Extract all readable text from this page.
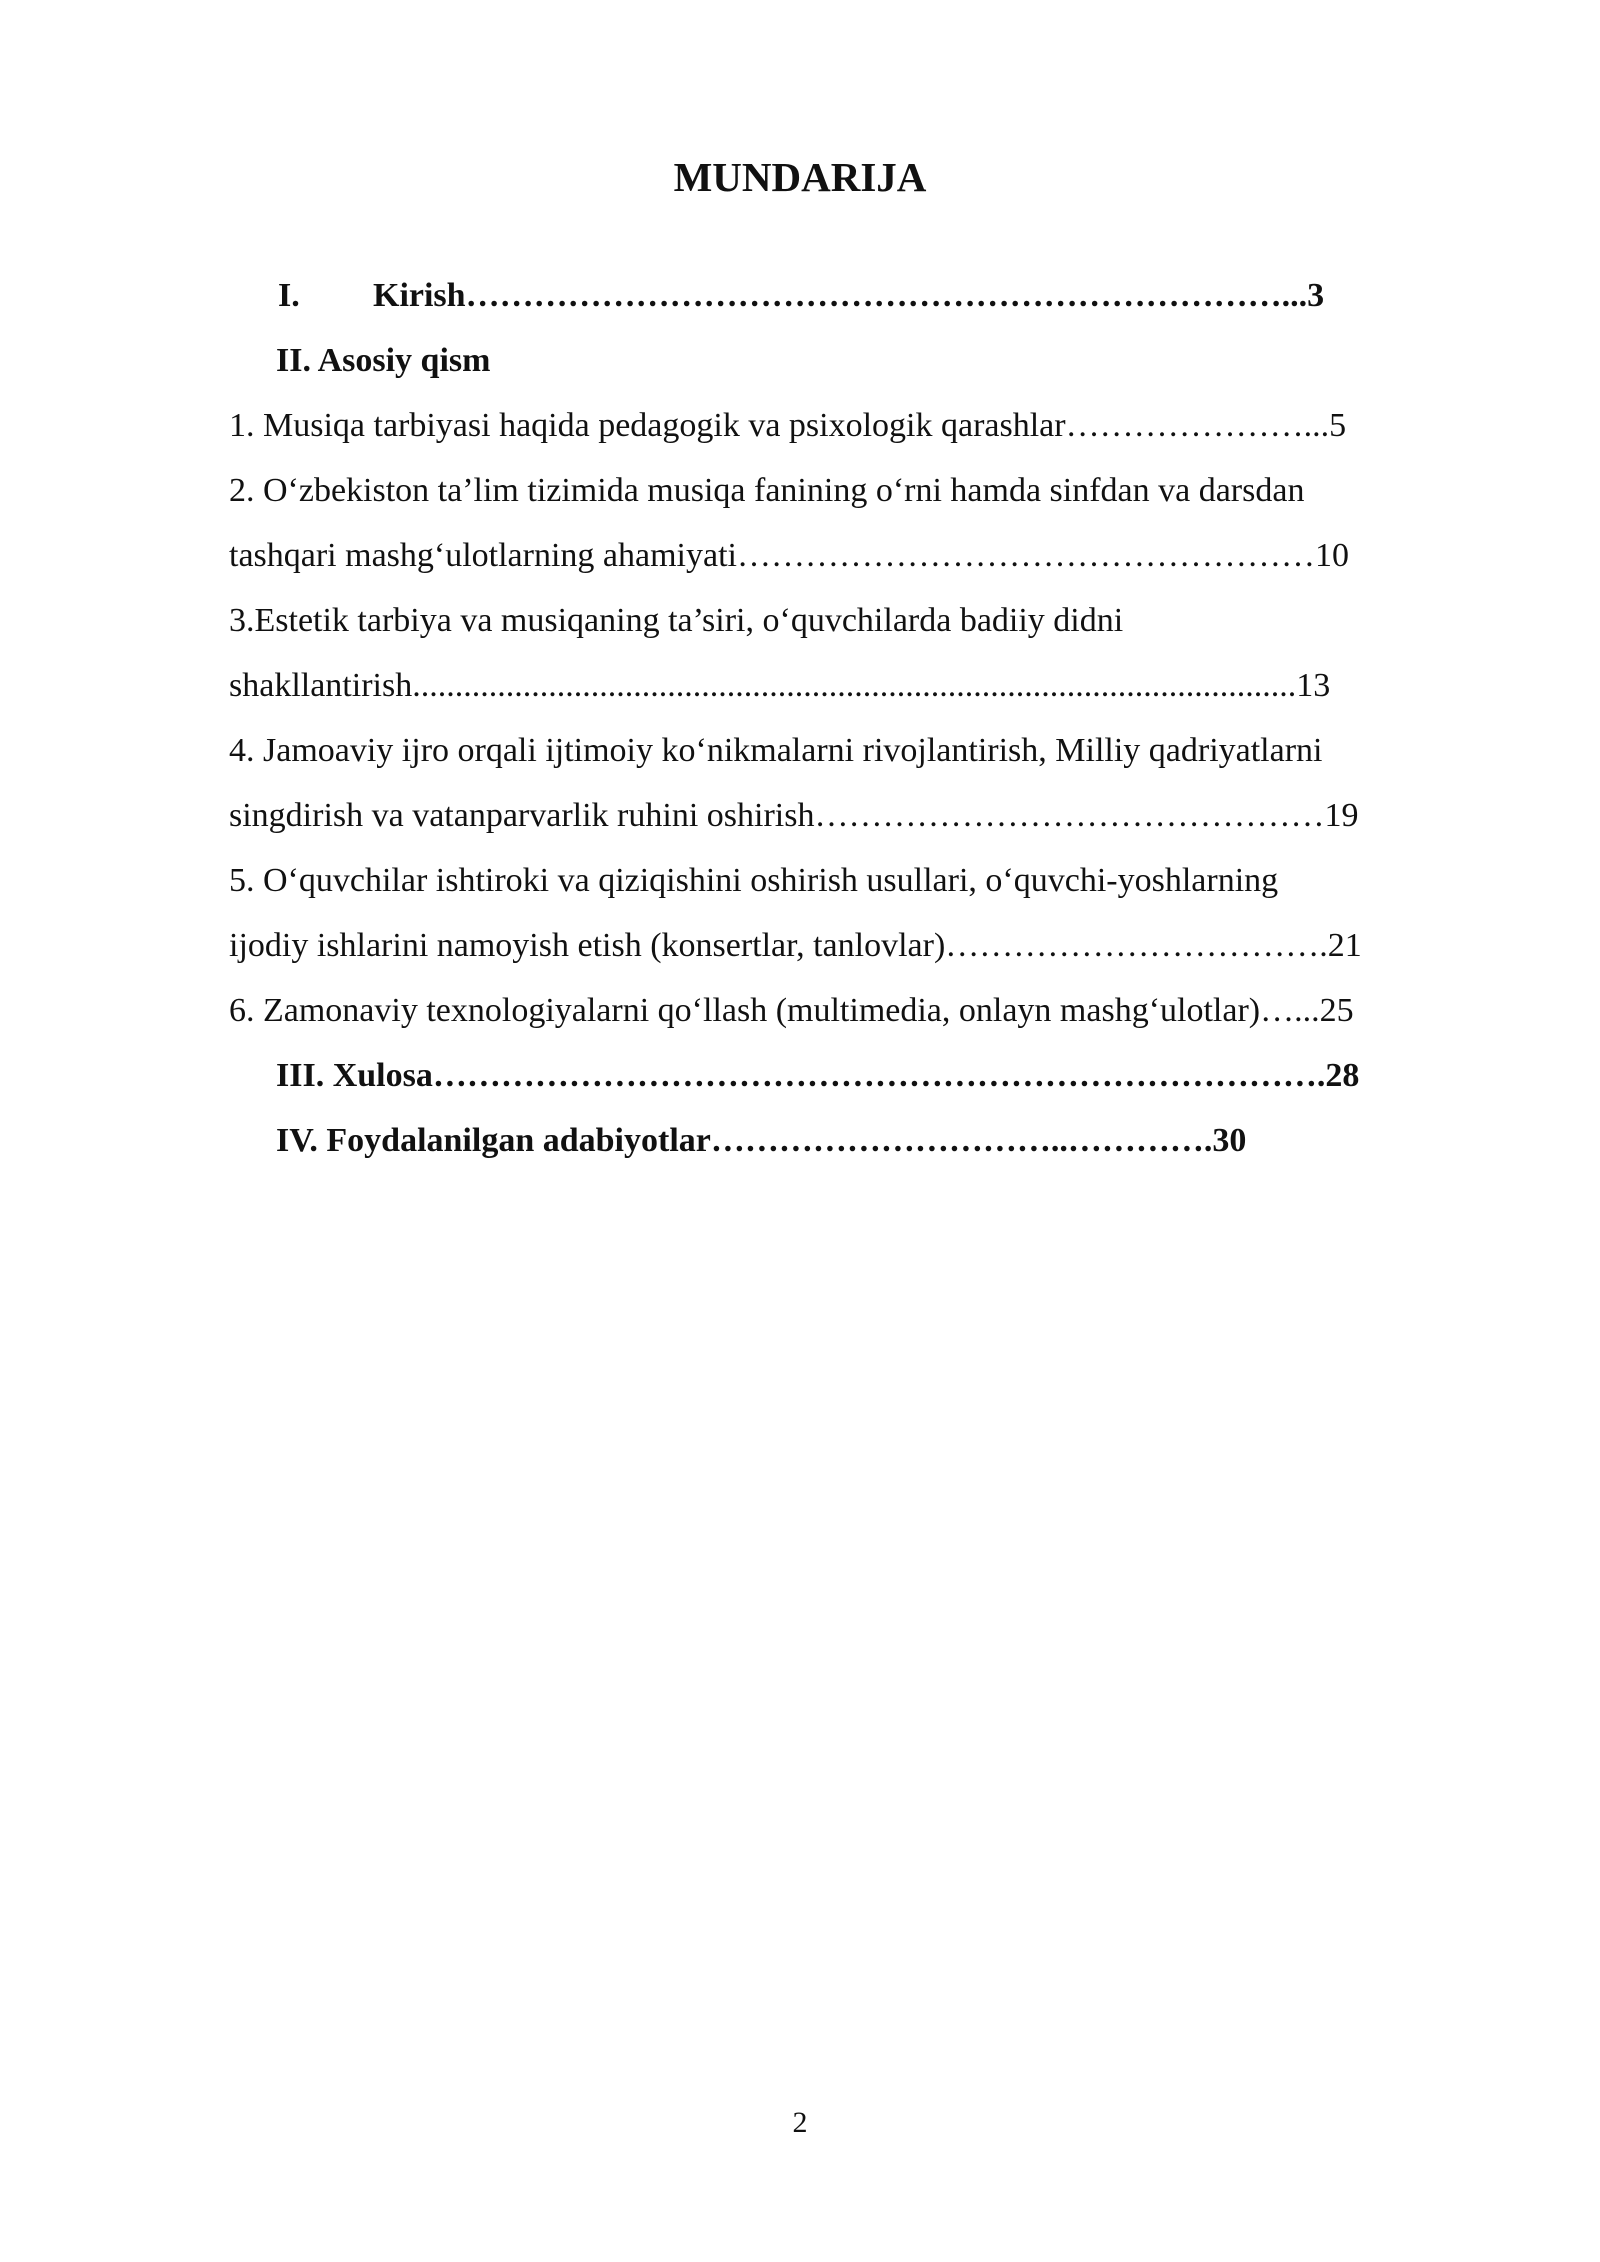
MUNDARIJA
I. Kirish………………………………………………………………...3
II. Asosiy qism
1. Musiqa tarbiyasi haqida pedagogik va psixologik qarashlar…………………...5
2. O‘zbekiston ta’lim tizimida musiqa fanining o‘rni hamda sinfdan va darsdan
tashqari mashg‘ulotlarning ahamiyati……………………………………………10
3.Estetik tarbiya va musiqaning ta’siri, o‘quvchilarda badiiy didni
shakllantirish........................................................................................................13
4. Jamoaviy ijro orqali ijtimoiy ko‘nikmalarni rivojlantirish, Milliy qadriyatlarni
singdirish va vatanparvarlik ruhini oshirish………………………………………19
5. O‘quvchilar ishtiroki va qiziqishini oshirish usullari, o‘quvchi-yoshlarning
ijodiy ishlarini namoyish etish (konsertlar, tanlovlar)…………………………….21
6. Zamonaviy texnologiyalarni qo‘llash (multimedia, onlayn mashg‘ulotlar)…...25
III. Xulosa…………………………………………………………………….28
IV. Foydalanilgan adabiyotlar…………………………..………….30
2
